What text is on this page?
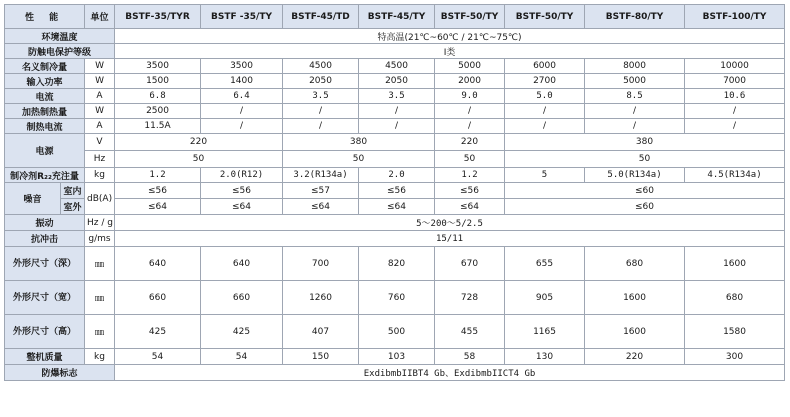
性 能		单位	BSTF-35/TYR	BSTF -35/TY	BSTF-45/TD	BSTF-45/TY	BSTF-50/TY	BSTF-50/TY	BSTF-80/TY	BSTF-100/TY
环境温度			特高温(21℃~60℃ / 21℃~75℃)							
防触电保护等级			I类							
名义制冷量		W	3500	3500	4500	4500	5000	6000	8000	10000
输入功率		W	1500	1400	2050	2050	2000	2700	5000	7000
电流		A	6.8	6.4	3.5	3.5	9.0	5.0	8.5	10.6
加热制热量		W	2500	/	/	/	/	/	/	/
制热电流		A	11.5A	/	/	/	/	/	/	/
电源		V	220		380		220	380		
		Hz	50		50		50	50		
制冷剂R₂₂充注量		kg	1.2	2.0(R12)	3.2(R134a)	2.0	1.2	5	5.0(R134a)	4.5(R134a)
噪音	室内	dB(A)	≤56	≤56	≤57	≤56	≤56	≤60		
	室外		≤64	≤64	≤64	≤64	≤64	≤60		
振动		Hz / g	5～200～5/2.5							
抗冲击		g/ms	15/11							
外形尺寸（深）		㎜	640	640	700	820	670	655	680	1600
外形尺寸（宽）		㎜	660	660	1260	760	728	905	1600	680
外形尺寸（高）		㎜	425	425	407	500	455	1165	1600	1580
整机质量		kg	54	54	150	103	58	130	220	300
防爆标志			ExdibmbIIBT4 Gb、ExdibmbIICT4 Gb							
